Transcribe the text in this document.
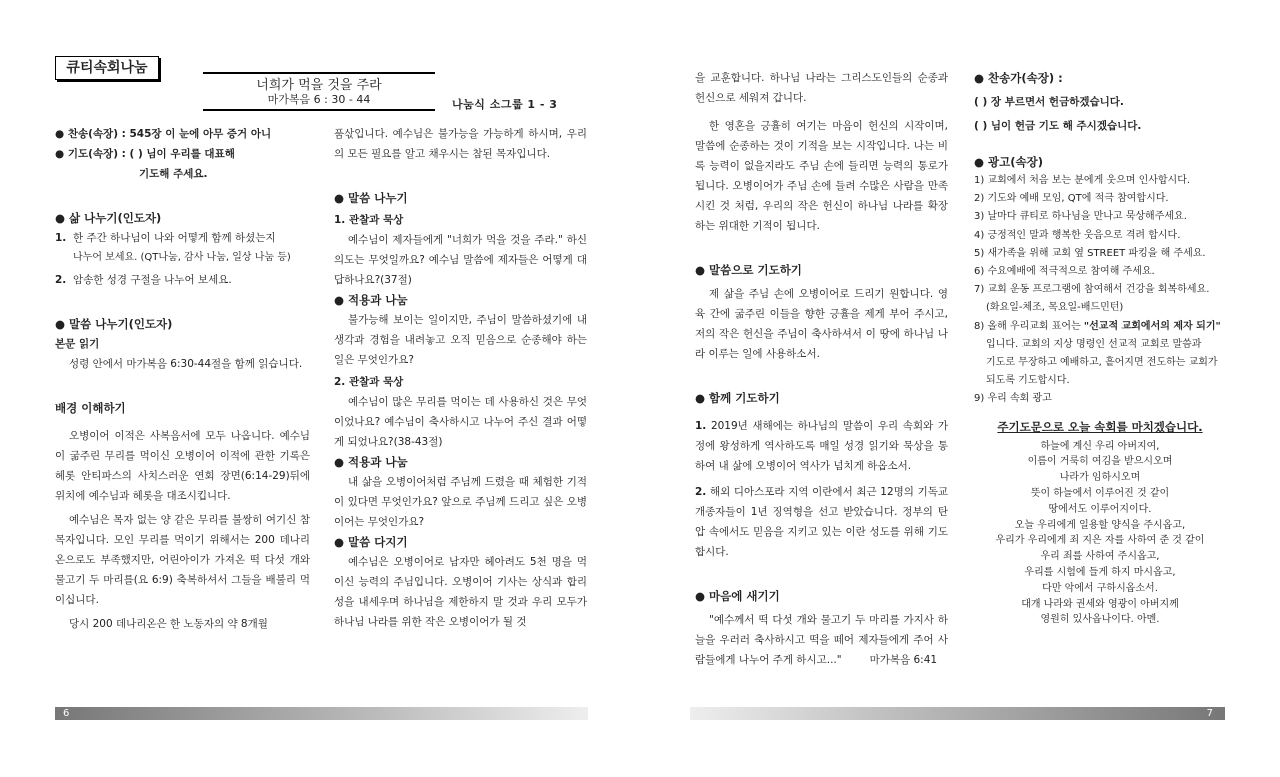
큐티속회나눔
너희가 먹을 것을 주라
마가복음 6 : 30 - 44	나눔식 소그룹 1 - 3

● 찬송(속장) : 545장 이 눈에 아무 증거 아니

● 기도(속장) : ( ) 님이 우리를 대표해

기도해 주세요.

● 삶 나누기(인도자)

1. 한 주간 하나님이 나와 어떻게 함께 하셨는지

나누어 보세요. (QT나눔, 감사 나눔, 일상 나눔 등)

2. 암송한 성경 구절을 나누어 보세요.

● 말씀 나누기(인도자)

본문 읽기

성령 안에서 마가복음 6:30-44절을 함께 읽습니다.

배경 이해하기

오병이어 이적은 사복음서에 모두 나옵니다. 예수님이 굶주린 무리를 먹이신 오병이어 이적에 관한 기록은 헤롯 안티파스의 사치스러운 연회 장면(6:14-29)뒤에 위치에 예수님과 헤롯을 대조시킵니다.

예수님은 목자 없는 양 같은 무리를 불쌍히 여기신 참목자입니다. 모인 무리를 먹이기 위해서는 200 데나리온으로도 부족했지만, 어린아이가 가져온 떡 다섯 개와 물고기 두 마리를(요 6:9) 축복하셔서 그들을 배불리 먹이십니다.

당시 200 데나리온은 한 노동자의 약 8개월

품삯입니다. 예수님은 불가능을 가능하게 하시며, 우리의 모든 필요를 알고 채우시는 참된 목자입니다.

● 말씀 나누기

1. 관찰과 묵상

예수님이 제자들에게 "너희가 먹을 것을 주라." 하신 의도는 무엇일까요? 예수님 말씀에 제자들은 어떻게 대답하나요?(37절)

● 적용과 나눔

불가능해 보이는 일이지만, 주님이 말씀하셨기에 내 생각과 경험을 내려놓고 오직 믿음으로 순종해야 하는 일은 무엇인가요?

2. 관찰과 묵상

예수님이 많은 무리를 먹이는 데 사용하신 것은 무엇이었나요? 예수님이 축사하시고 나누어 주신 결과 어떻게 되었나요?(38-43절)

● 적용과 나눔

내 삶을 오병이어처럼 주님께 드렸을 때 체험한 기적이 있다면 무엇인가요? 앞으로 주님께 드리고 싶은 오병이어는 무엇인가요?

● 말씀 다지기

예수님은 오병이어로 남자만 헤아려도 5천 명을 먹이신 능력의 주님입니다. 오병이어 기사는 상식과 합리성을 내세우며 하나님을 제한하지 말 것과 우리 모두가 하나님 나라를 위한 작은 오병이어가 될 것

을 교훈합니다. 하나님 나라는 그리스도인들의 순종과 헌신으로 세워져 갑니다.

한 영혼을 긍휼히 여기는 마음이 헌신의 시작이며, 말씀에 순종하는 것이 기적을 보는 시작입니다. 나는 비록 능력이 없을지라도 주님 손에 들리면 능력의 통로가 됩니다. 오병이어가 주님 손에 들려 수많은 사람을 만족시킨 것 처럼, 우리의 작은 헌신이 하나님 나라를 확장하는 위대한 기적이 됩니다.

● 말씀으로 기도하기

제 삶을 주님 손에 오병이어로 드리기 원합니다. 영육 간에 굶주린 이들을 향한 긍휼을 제게 부어 주시고, 저의 작은 헌신을 주님이 축사하셔서 이 땅에 하나님 나라 이루는 일에 사용하소서.

● 함께 기도하기

1. 2019년 새해에는 하나님의 말씀이 우리 속회와 가정에 왕성하게 역사하도록 매일 성경 읽기와 묵상을 통하여 내 삶에 오병이어 역사가 넘치게 하옵소서.

2. 해외 디아스포라 지역 이란에서 최근 12명의 기독교 개종자들이 1년 징역형을 선고 받았습니다. 정부의 탄압 속에서도 믿음을 지키고 있는 이란 성도를 위해 기도합시다.

● 마음에 새기기

"예수께서 떡 다섯 개와 물고기 두 마리를 가지사 하늘을 우러러 축사하시고 떡을 떼어 제자들에게 주어 사람들에게 나누어 주게 하시고..."	마가복음 6:41

● 찬송가(속장) :

( ) 장 부르면서 헌금하겠습니다.

( ) 님이 헌금 기도 해 주시겠습니다.

● 광고(속장)

1) 교회에서 처음 보는 분에게 웃으며 인사합시다.

2) 기도와 예배 모임, QT에 적극 참여합시다.

3) 날마다 큐티로 하나님을 만나고 묵상해주세요.

4) 긍정적인 말과 행복한 웃음으로 격려 합시다.

5) 새가족을 위해 교회 옆 STREET 파킹을 해 주세요.

6) 수요예배에 적극적으로 참여해 주세요.

7) 교회 운동 프로그램에 참여해서 건강을 회복하세요.

(화요일-체조, 목요일-배드민턴)

8) 올해 우리교회 표어는 "선교적 교회에서의 제자 되기"

입니다. 교회의 지상 명령인 선교적 교회로 말씀과

기도로 무장하고 예배하고, 흩어지면 전도하는 교회가

되도록 기도합시다.

9) 우리 속회 광고

주기도문으로 오늘 속회를 마치겠습니다.

하늘에 계신 우리 아버지여,

이름이 거룩히 여김을 받으시오며

나라가 임하시오며

뜻이 하늘에서 이루어진 것 같이

땅에서도 이루어지이다.

오늘 우리에게 일용할 양식을 주시옵고,

우리가 우리에게 죄 지은 자를 사하여 준 것 같이

우리 죄를 사하여 주시옵고,

우리를 시험에 들게 하지 마시옵고,

다만 악에서 구하시옵소서.

대개 나라와 권세와 영광이 아버지께

영원히 있사옵나이다. 아멘.

6	7
